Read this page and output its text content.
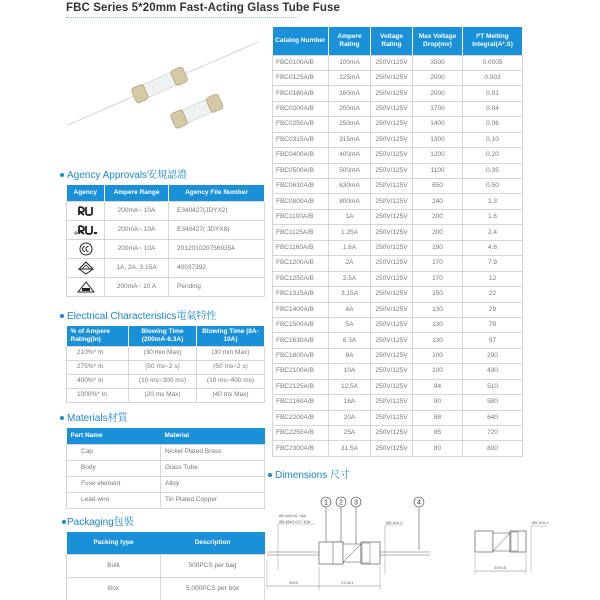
FBC Series 5*20mm Fast-Acting Glass Tube Fuse
Catalog Number	Ampere Rating	Voltage Rating	Max Voltage Drop(mv)	I²T Melting Integral(A².S)
FBC0100A/B	100mA	250V/125V	3500	0.0005
FBC0125A/B	125mA	250V/125V	2000	0.003
FBC0160A/B	160mA	250V/125V	2000	0.01
FBC0200A/B	200mA	250V/125V	1700	0.04
FBC0250A/B	250mA	250V/125V	1400	0.06
FBC0315A/B	315mA	250V/125V	1300	0.10
FBC0400A/B	400mA	250V/125V	1200	0.20
FBC0500A/B	500mA	250V/125V	1100	0.35
FBC0630A/B	630mA	250V/125V	650	0.50
FBC0800A/B	800mA	250V/125V	240	1.3
FBC1100A/B	1A	250V/125V	200	1.6
FBC1125A/B	1.25A	250V/125V	200	2.4
FBC1160A/B	1.6A	250V/125V	190	4.6
FBC1200A/B	2A	250V/125V	170	7.9
FBC1250A/B	2.5A	250V/125V	170	12
FBC1315A/B	3.15A	250V/125V	150	22
FBC1400A/B	4A	250V/125V	130	29
FBC1500A/B	5A	250V/125V	130	78
FBC1630A/B	6.3A	250V/125V	130	97
FBC1800A/B	8A	250V/125V	100	290
FBC2100A/B	10A	250V/125V	100	430
FBC2125A/B	12.5A	250V/125V	94	510
FBC2160A/B	16A	250V/125V	90	580
FBC2200A/B	20A	250V/125V	88	640
FBC2250A/B	25A	250V/125V	85	720
FBC2300A/B	31.5A	250V/125V	80	800
Agency Approvals安規認證
Agency	Ampere Range	Agency File Number

	200mA~ 10A	E340427(JDYX2)

	200mA~ 10A	E340427( JDYX8)

	200mA~ 10A	2012010207569354

	1A, 2A, 3.15A	40037392

	200mA~ 10 A	Pending
Electrical Characteristics電氣特性
% of Ampere Rating(In)	Blowing Time (200mA-6.3A)	Blowing Time (8A-10A)
210%* In	(30 min Max)	(30 min Max)
275%* In	(50 ms~2 s)	(50 ms~2 s)
400%* In	(10 ms~300 ms)	(10 ms~400 ms)
1000%* In	(20 ms Max)	(40 ms Max)
Materials材質
Part Name	Material
Cap	Nickel Plated Brass
Body	Glass Tube
Fuse element	Alloy
Lead wire	Tin Plated Copper
Packaging包裝
Packing type	Description
Bulk	500PCS per bag
Box	5,000PCS per box
Dimensions 尺寸
1 2 3	4
Ø0.6±0.02 / 8A
Ø0.65±0.02 / 10A	Ø5.4±0.2
30±3	21.0±1
Ø5.2±0.2
20±0.5
